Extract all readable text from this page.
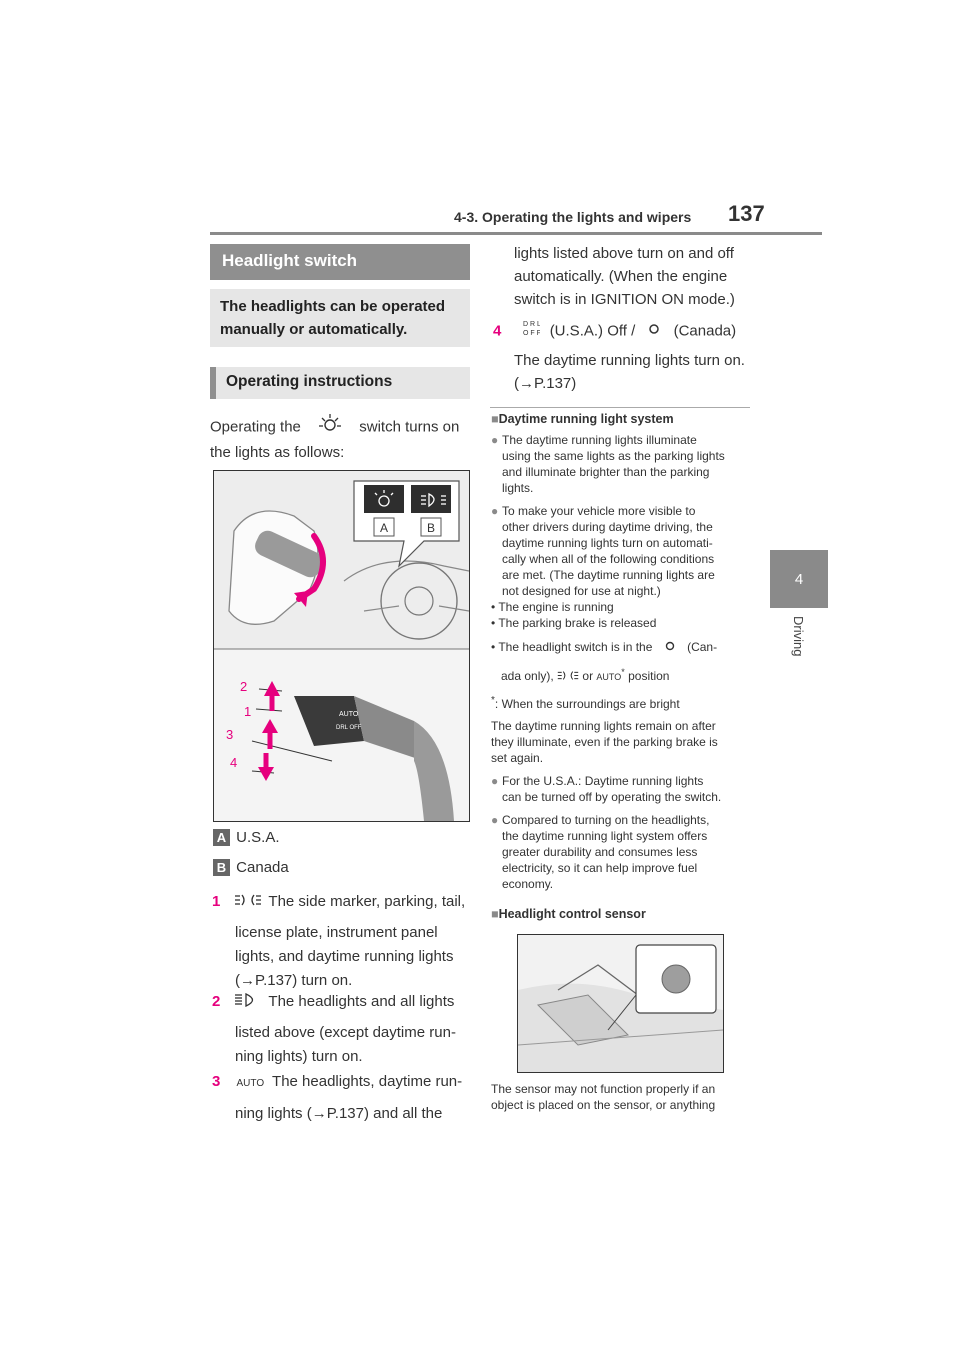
4-3. Operating the lights and wipers 137
4
Driving
Headlight switch
The headlights can be operated manually or automatically.
Operating instructions
Operating the	switch turns on
the lights as follows:
A	B
AUTO
DRL OFF
2
1
3
4
A U.S.A.
B Canada
1	The side marker, parking, tail,
license plate, instrument panel
lights, and daytime running lights
(→P.137) turn on.
2	The headlights and all lights
listed above (except daytime run-
ning lights) turn on.
3 AUTO The headlights, daytime run-
ning lights (→P.137) and all the
lights listed above turn on and off
automatically. (When the engine
switch is in IGNITION ON mode.)
4	D R L
O F F (U.S.A.) Off /	(Canada)
The daytime running lights turn on.
(→P.137)
■Daytime running light system
● The daytime running lights illuminate
using the same lights as the parking lights
and illuminate brighter than the parking
lights.
● To make your vehicle more visible to
other drivers during daytime driving, the
daytime running lights turn on automati-
cally when all of the following conditions
are met. (The daytime running lights are
not designed for use at night.)
• The engine is running
• The parking brake is released
• The headlight switch is in the	(Can-
ada only), or AUTO* position
*: When the surroundings are bright
The daytime running lights remain on after
they illuminate, even if the parking brake is
set again.
● For the U.S.A.: Daytime running lights
can be turned off by operating the switch.
● Compared to turning on the headlights,
the daytime running light system offers
greater durability and consumes less
electricity, so it can help improve fuel
economy.
■Headlight control sensor
The sensor may not function properly if an
object is placed on the sensor, or anything
